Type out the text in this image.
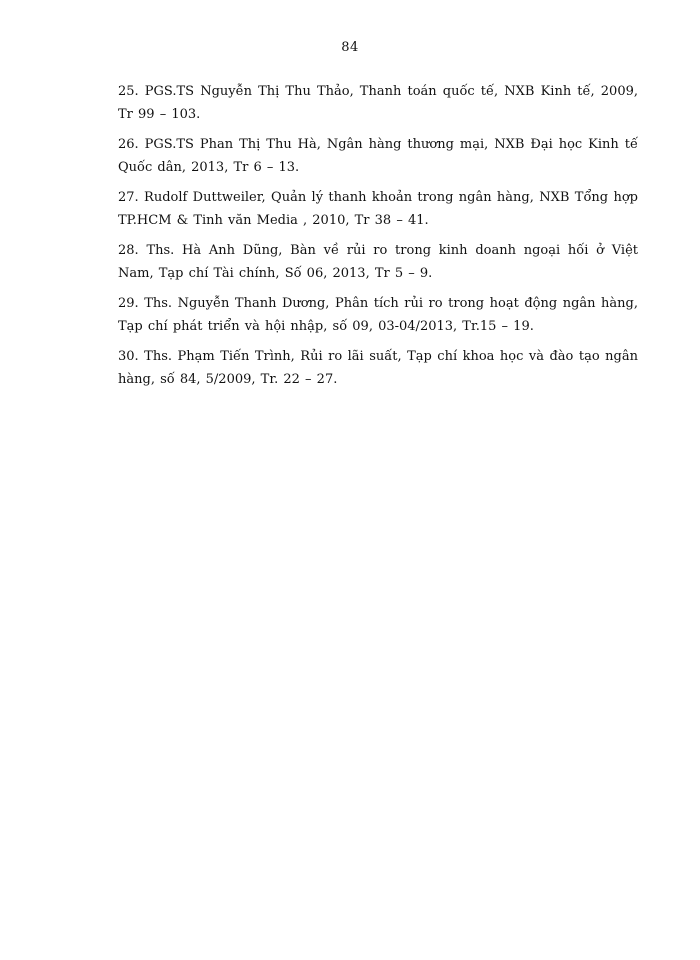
84
25. PGS.TS Nguyễn Thị Thu Thảo, Thanh toán quốc tế, NXB Kinh tế, 2009, Tr 99 – 103.
26. PGS.TS Phan Thị Thu Hà, Ngân hàng thương mại, NXB Đại học Kinh tế Quốc dân, 2013, Tr 6 – 13.
27. Rudolf Duttweiler, Quản lý thanh khoản trong ngân hàng, NXB Tổng hợp TP.HCM & Tinh văn Media , 2010, Tr 38 – 41.
28. Ths. Hà Anh Dũng, Bàn về rủi ro trong kinh doanh ngoại hối ở Việt Nam, Tạp chí Tài chính, Số 06, 2013, Tr 5 – 9.
29. Ths. Nguyễn Thanh Dương, Phân tích rủi ro trong hoạt động ngân hàng, Tạp chí phát triển và hội nhập, số 09, 03-04/2013, Tr.15 – 19.
30. Ths. Phạm Tiến Trình, Rủi ro lãi suất, Tạp chí khoa học và đào tạo ngân hàng, số 84, 5/2009, Tr. 22 – 27.
